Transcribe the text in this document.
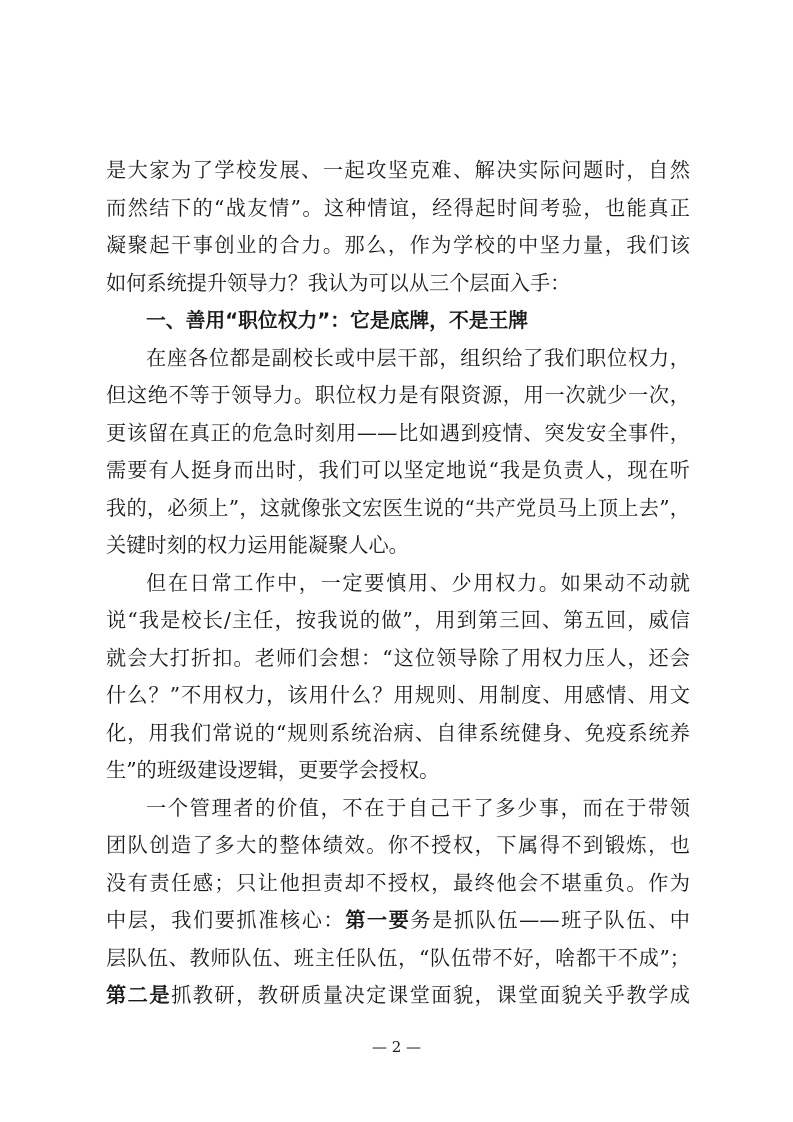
是大家为了学校发展、一起攻坚克难、解决实际问题时，自然
而然结下的“战友情”。这种情谊，经得起时间考验，也能真正
凝聚起干事创业的合力。那么，作为学校的中坚力量，我们该
如何系统提升领导力？我认为可以从三个层面入手：
一、善用“职位权力”：它是底牌，不是王牌
在座各位都是副校长或中层干部，组织给了我们职位权力，
但这绝不等于领导力。职位权力是有限资源，用一次就少一次，
更该留在真正的危急时刻用——比如遇到疫情、突发安全事件，
需要有人挺身而出时，我们可以坚定地说“我是负责人，现在听
我的，必须上”，这就像张文宏医生说的“共产党员马上顶上去”，
关键时刻的权力运用能凝聚人心。
但在日常工作中，一定要慎用、少用权力。如果动不动就
说“我是校长/主任，按我说的做”，用到第三回、第五回，威信
就会大打折扣。老师们会想：“这位领导除了用权力压人，还会
什么？”不用权力，该用什么？用规则、用制度、用感情、用文
化，用我们常说的“规则系统治病、自律系统健身、免疫系统养
生”的班级建设逻辑，更要学会授权。
一个管理者的价值，不在于自己干了多少事，而在于带领
团队创造了多大的整体绩效。你不授权，下属得不到锻炼，也
没有责任感；只让他担责却不授权，最终他会不堪重负。作为
中层，我们要抓准核心：第一要务是抓队伍——班子队伍、中
层队伍、教师队伍、班主任队伍，“队伍带不好，啥都干不成”；
第二是抓教研，教研质量决定课堂面貌，课堂面貌关乎教学成
— 2 —
